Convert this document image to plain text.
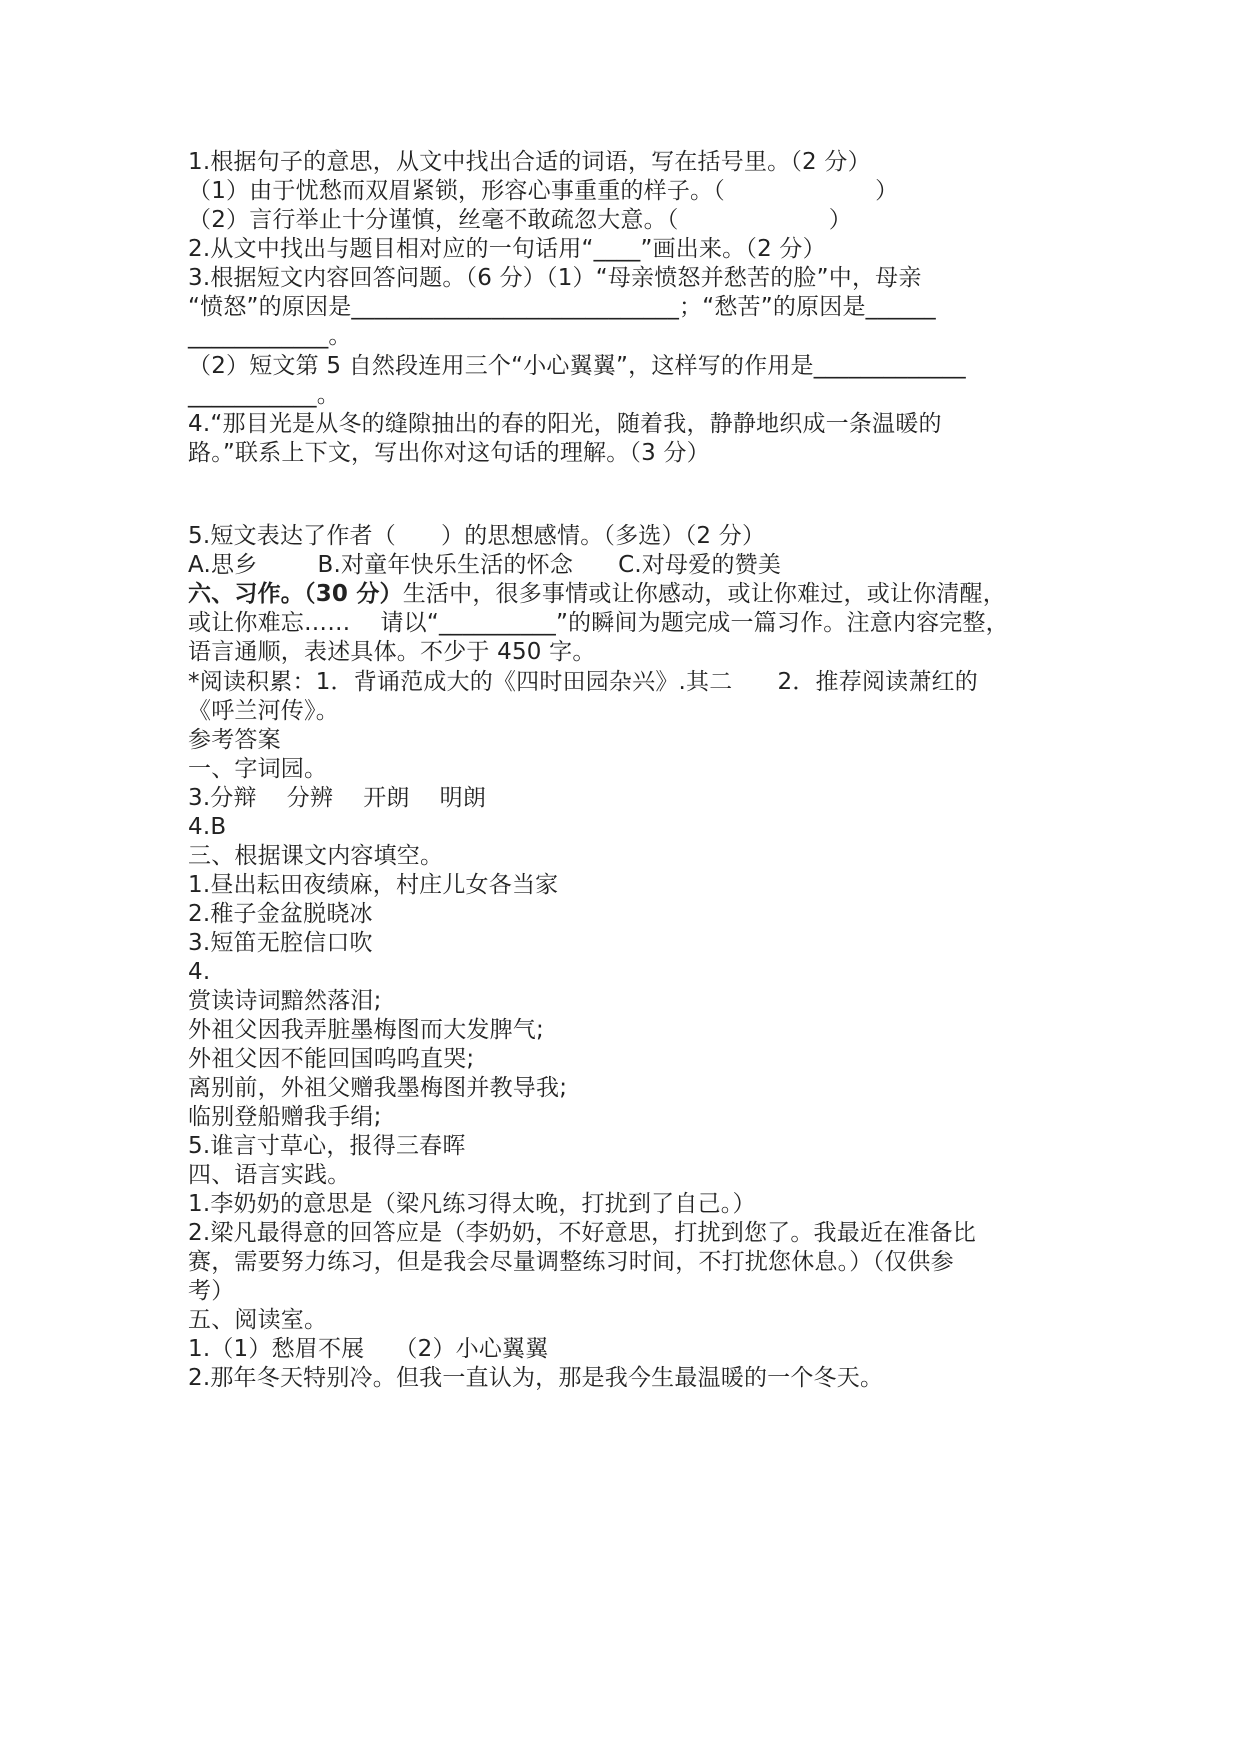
1.根据句子的意思，从文中找出合适的词语，写在括号里。（2 分）

（1）由于忧愁而双眉紧锁，形容心事重重的样子。（                    ）

（2）言行举止十分谨慎，丝毫不敢疏忽大意。（                    ）

2.从文中找出与题目相对应的一句话用“____”画出来。（2 分）

3.根据短文内容回答问题。（6 分）（1）“母亲愤怒并愁苦的脸”中，母亲

“愤怒”的原因是____________________________；“愁苦”的原因是______

____________。

（2）短文第 5 自然段连用三个“小心翼翼”，这样写的作用是_____________

___________。

4.“那目光是从冬的缝隙抽出的春的阳光，随着我，静静地织成一条温暖的

路。”联系上下文，写出你对这句话的理解。（3 分）

5.短文表达了作者（      ）的思想感情。（多选）（2 分）

A.思乡        B.对童年快乐生活的怀念      C.对母爱的赞美

六、习作。（30 分）生活中，很多事情或让你感动，或让你难过，或让你清醒，

或让你难忘……    请以“__________”的瞬间为题完成一篇习作。注意内容完整，

语言通顺，表述具体。不少于 450 字。

*阅读积累：1．背诵范成大的《四时田园杂兴》.其二      2．推荐阅读萧红的

《呼兰河传》。

参考答案

一、字词园。

3.分辩    分辨    开朗    明朗

4.B

三、根据课文内容填空。

1.昼出耘田夜绩麻，村庄儿女各当家

2.稚子金盆脱晓冰

3.短笛无腔信口吹

4.

赏读诗词黯然落泪;

外祖父因我弄脏墨梅图而大发脾气;

外祖父因不能回国呜呜直哭;

离别前，外祖父赠我墨梅图并教导我;

临别登船赠我手绢;

5.谁言寸草心，报得三春晖

四、语言实践。

1.李奶奶的意思是（梁凡练习得太晚，打扰到了自己。）

2.梁凡最得意的回答应是（李奶奶，不好意思，打扰到您了。我最近在准备比

赛，需要努力练习，但是我会尽量调整练习时间，不打扰您休息。）（仅供参

考）

五、阅读室。

1.（1）愁眉不展    （2）小心翼翼

2.那年冬天特别冷。但我一直认为，那是我今生最温暖的一个冬天。
